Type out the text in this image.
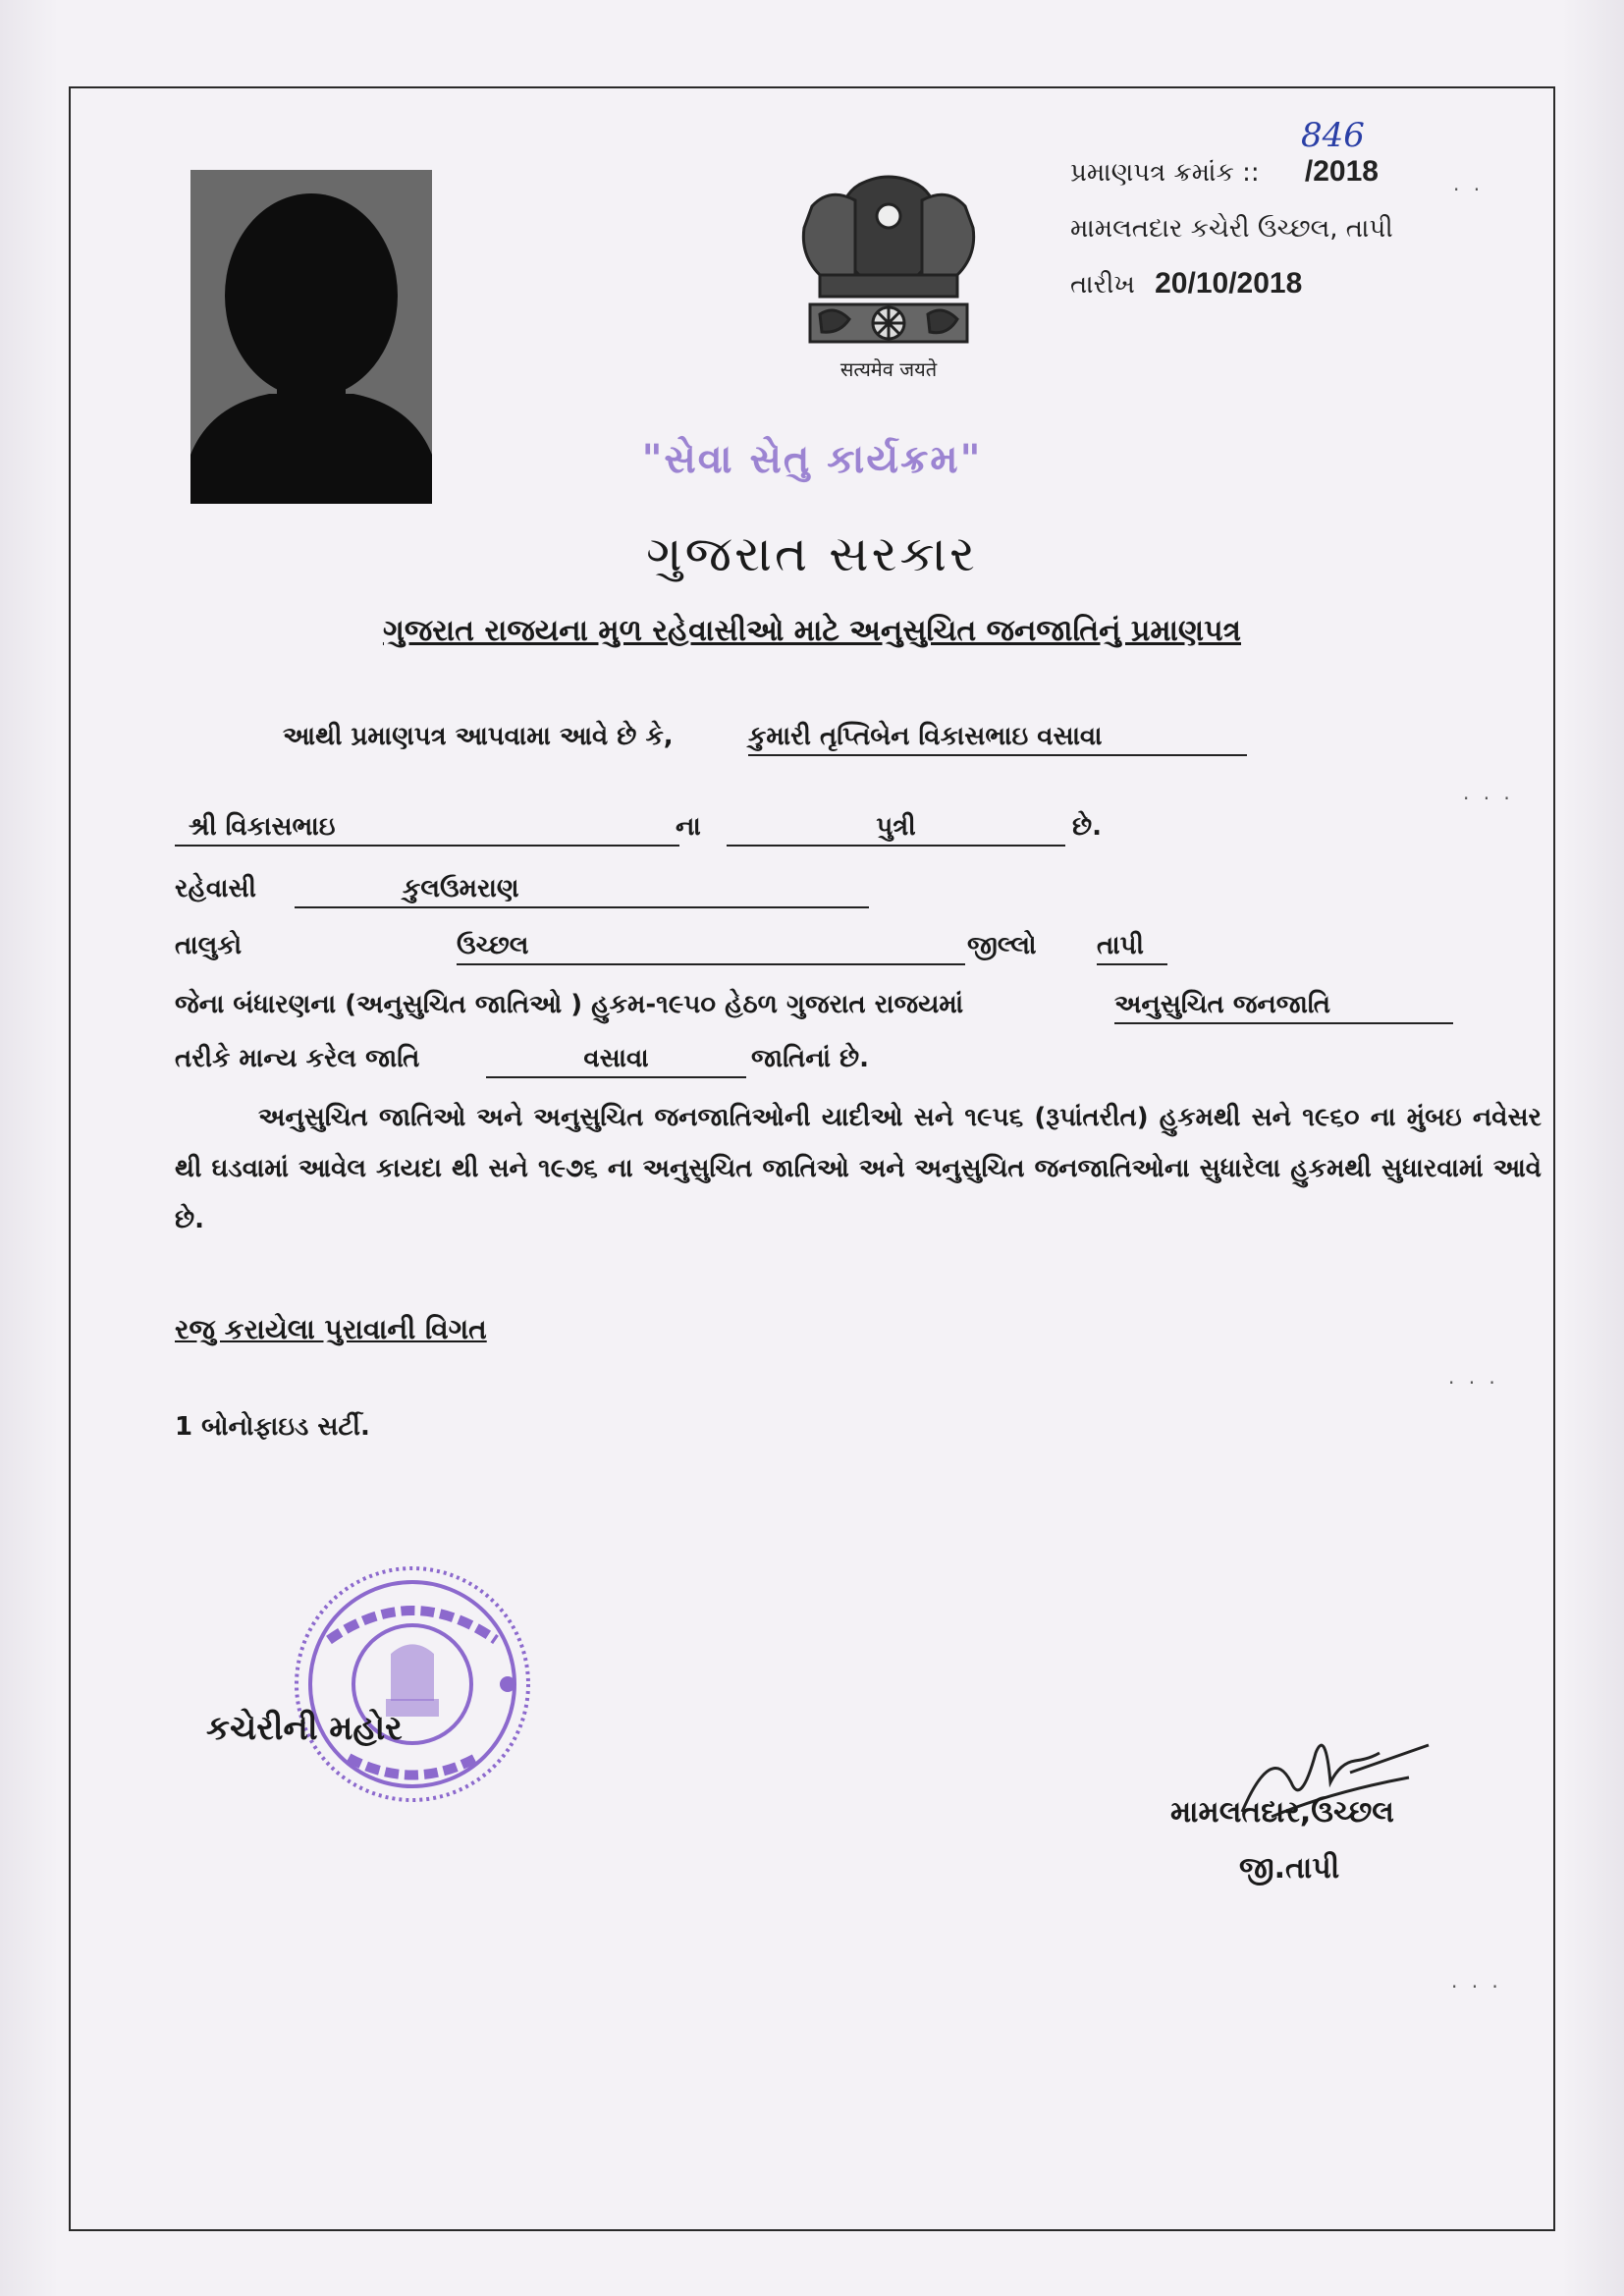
सत्यमेव जयते
846
પ્રમાણપત્ર ક્રમાંક :: /2018
મામલતદાર કચેરી ઉચ્છલ, તાપી
તારીખ 20/10/2018
"સેવા સેતુ કાર્યક્રમ"
ગુજરાત સરકાર
ગુજરાત રાજયના મુળ રહેવાસીઓ માટે અનુસુચિત જનજાતિનું પ્રમાણપત્ર
આથી પ્રમાણપત્ર આપવામા આવે છે કે,	કુમારી તૃપ્તિબેન વિકાસભાઇ વસાવા
શ્રી વિકાસભાઇ	ના	પુત્રી	છે.
રહેવાસી	કુલઉમરાણ
તાલુકો	ઉચ્છલ	જીલ્લો તાપી
જેના બંધારણના (અનુસુચિત જાતિઓ ) હુકમ-૧૯૫૦ હેઠળ ગુજરાત રાજયમાં	અનુસુચિત જનજાતિ
તરીકે માન્ય કરેલ જાતિ	વસાવા	જાતિનાં છે.
અનુસુચિત જાતિઓ અને અનુસુચિત જનજાતિઓની યાદીઓ સને ૧૯૫૬ (રૂપાંતરીત) હુકમથી સને ૧૯૬૦ ના મુંબઇ નવેસર થી ઘડવામાં આવેલ કાયદા થી સને ૧૯૭૬ ના અનુસુચિત જાતિઓ અને અનુસુચિત જનજાતિઓના સુધારેલા હુકમથી સુધારવામાં આવે છે.
રજુ કરાયેલા પુરાવાની વિગત
1 બોનોફાઇડ સર્ટી.
કચેરીની મહોર
મામલતદાર,ઉચ્છલ
જી.તાપી
. . .
. . .
. . .
. .
